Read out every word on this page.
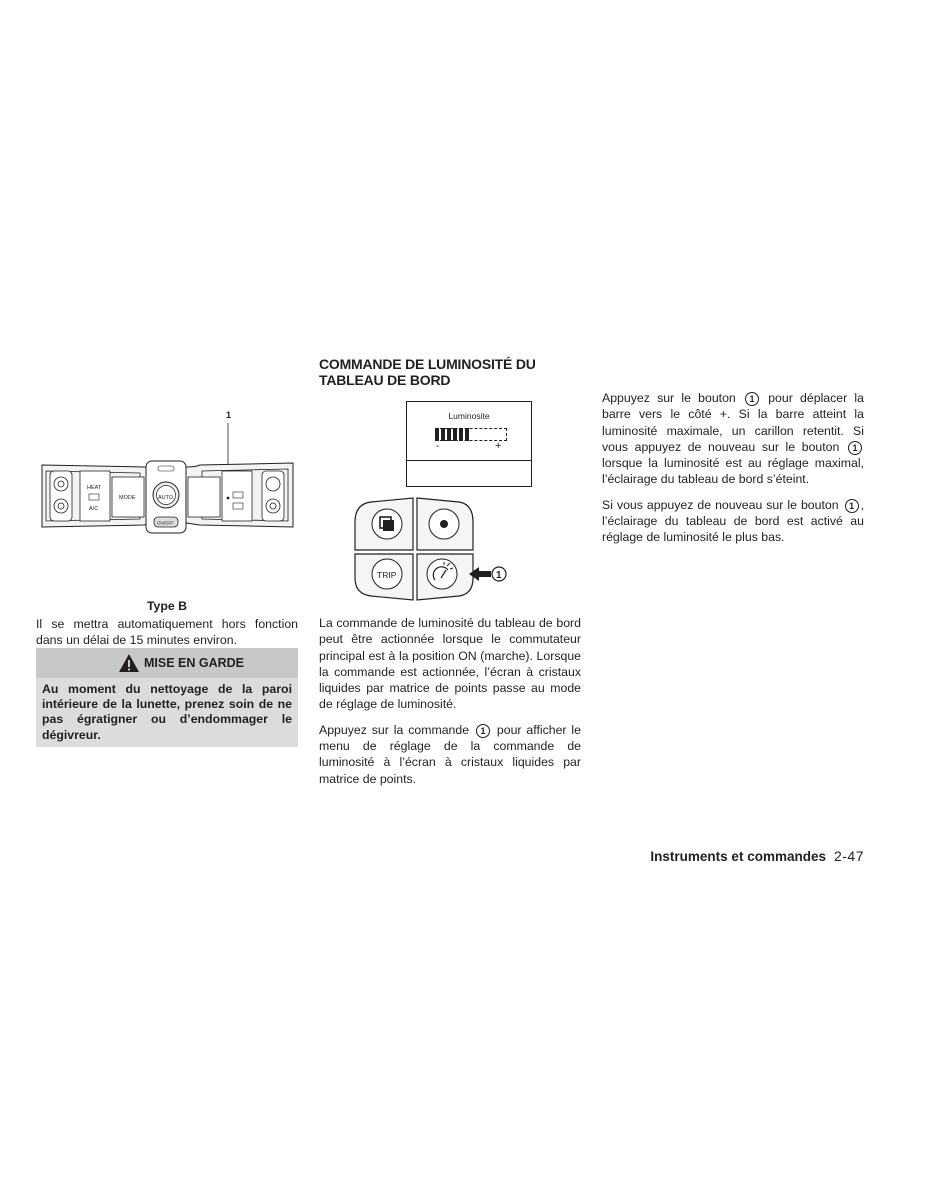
1
HEAT
A/C
MODE	AUTO
ON/OFF
Type B

Il se mettra automatiquement hors fonction dans un délai de 15 minutes environ.

MISE EN GARDE
Au moment du nettoyage de la paroi intérieure de la lunette, prenez soin de ne pas égratigner ou d’endommager le dégivreur.

COMMANDE DE LUMINOSITÉ DU

TABLEAU DE BORD

Luminosite
-	+
TRIP	1

La commande de luminosité du tableau de bord peut être actionnée lorsque le commutateur principal est à la position ON (marche). Lorsque la commande est actionnée, l’écran à cristaux liquides par matrice de points passe au mode de réglage de luminosité.

Appuyez sur la commande 1 pour afficher le menu de réglage de la commande de luminosité à l’écran à cristaux liquides par matrice de points.

Appuyez sur le bouton 1 pour déplacer la barre vers le côté +. Si la barre atteint la luminosité maximale, un carillon retentit. Si vous appuyez de nouveau sur le bouton 1 lorsque la luminosité est au réglage maximal, l’éclairage du tableau de bord s’éteint.

Si vous appuyez de nouveau sur le bouton 1 , l’éclairage du tableau de bord est activé au réglage de luminosité le plus bas.

Instruments et commandes 2-47
